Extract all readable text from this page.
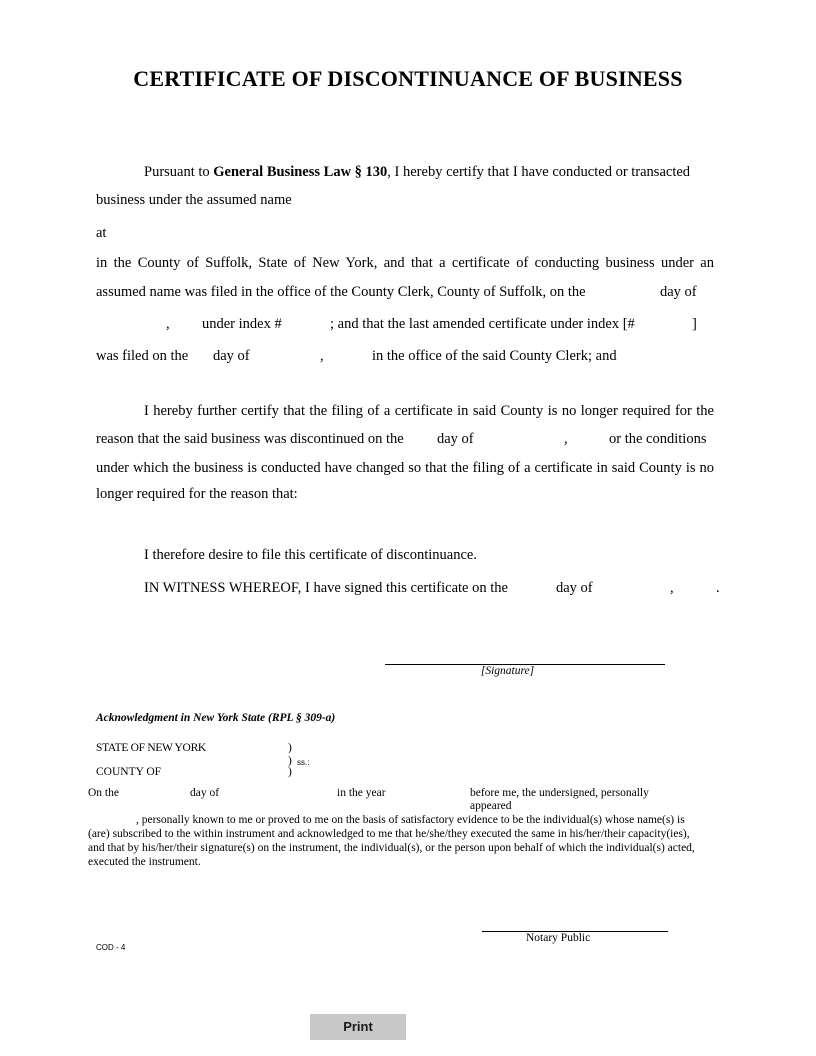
CERTIFICATE OF DISCONTINUANCE OF BUSINESS
Pursuant to General Business Law § 130, I hereby certify that I have conducted or transacted
business under the assumed name
at
in the County of Suffolk, State of New York, and that a certificate of conducting business under an
assumed name was filed in the office of the County Clerk, County of Suffolk, on the	day of
, under index #	; and that the last amended certificate under index [#	]
was filed on the day of	,	in the office of the said County Clerk; and
I hereby further certify that the filing of a certificate in said County is no longer required for the
reason that the said business was discontinued on the day of	,	or the conditions
under which the business is conducted have changed so that the filing of a certificate in said County is no
longer required for the reason that:
I therefore desire to file this certificate of discontinuance.
IN WITNESS WHEREOF, I have signed this certificate on the	day of	,	.
[Signature]
Acknowledgment in New York State (RPL § 309-a)
STATE OF NEW YORK	)
) ss.:
COUNTY OF	)
On the	day of	in the year	before me, the undersigned, personally
appeared
, personally known to me or proved to me on the basis of satisfactory evidence to be the individual(s) whose name(s) is
(are) subscribed to the within instrument and acknowledged to me that he/she/they executed the same in his/her/their capacity(ies),
and that by his/her/their signature(s) on the instrument, the individual(s), or the person upon behalf of which the individual(s) acted,
executed the instrument.
Notary Public
COD - 4
Print
